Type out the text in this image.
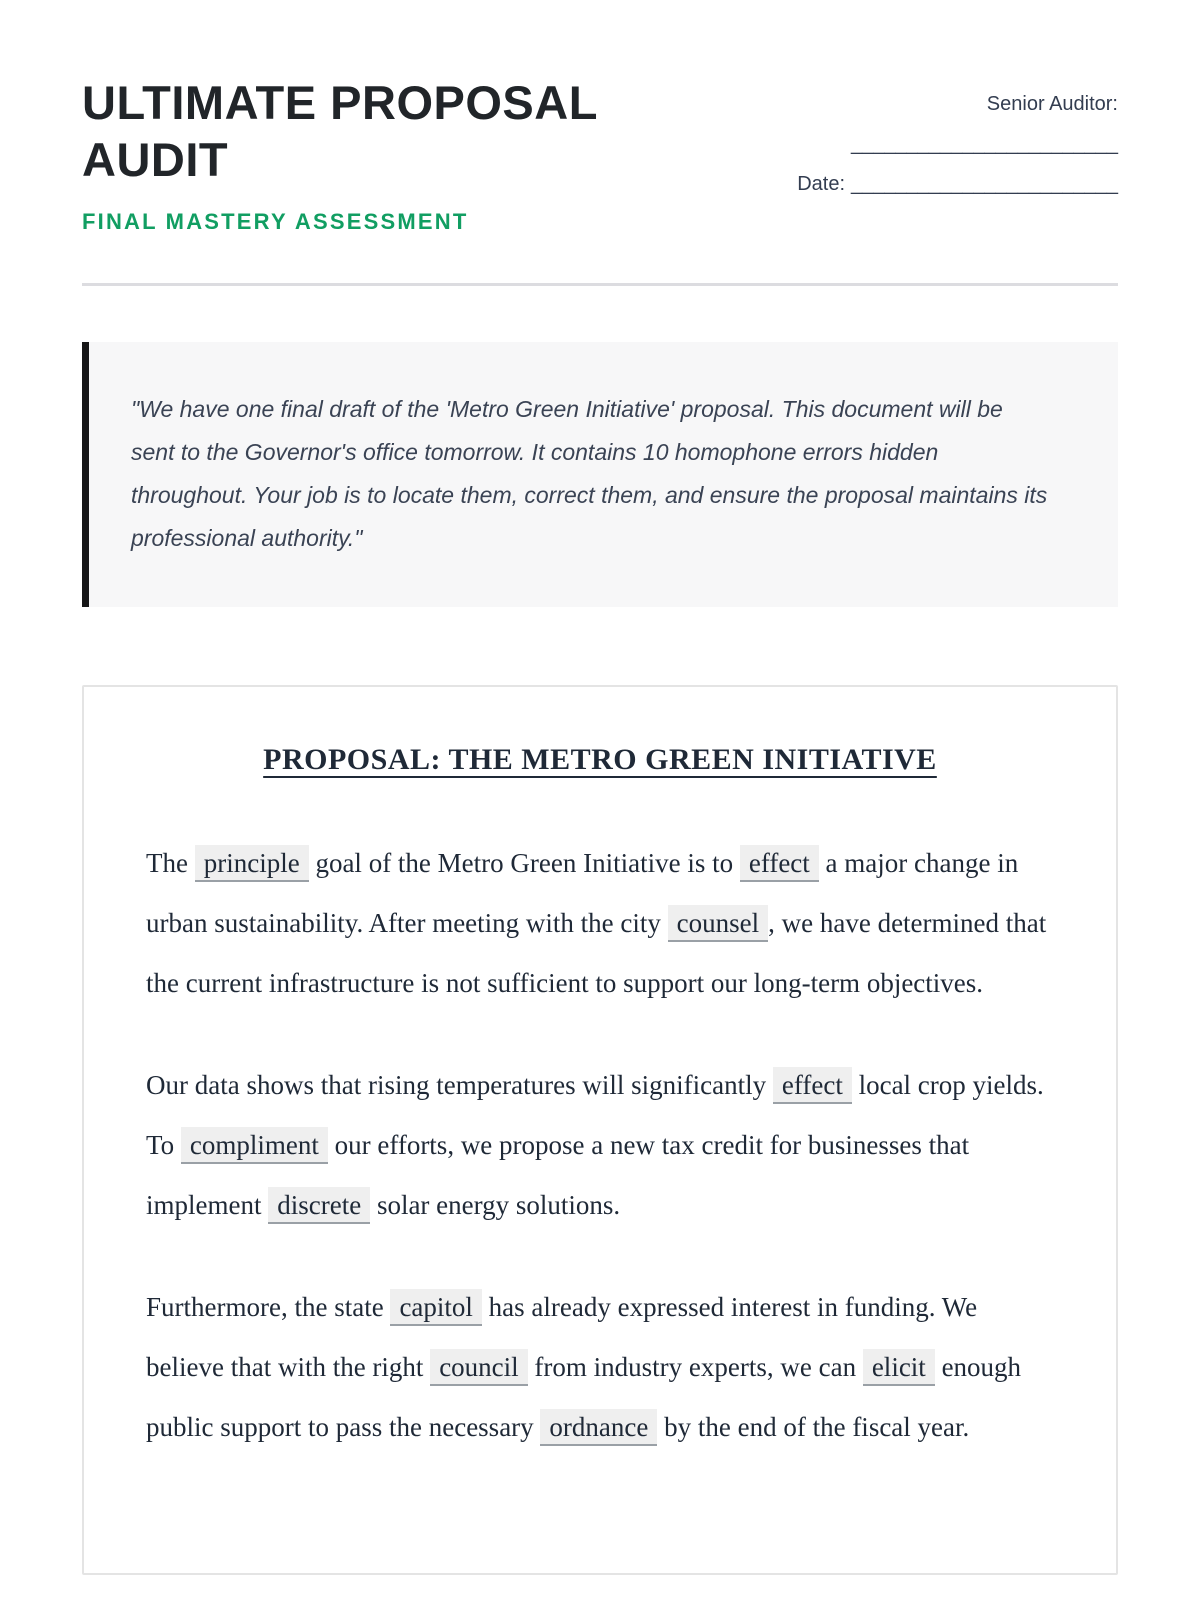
ULTIMATE PROPOSAL AUDIT
FINAL MASTERY ASSESSMENT
Senior Auditor:
________________________
Date: ________________________

"We have one final draft of the 'Metro Green Initiative' proposal. This document will be sent to the Governor's office tomorrow. It contains 10 homophone errors hidden throughout. Your job is to locate them, correct them, and ensure the proposal maintains its professional authority."

PROPOSAL: THE METRO GREEN INITIATIVE

The principle goal of the Metro Green Initiative is to effect a major change in urban sustainability. After meeting with the city counsel , we have determined that the current infrastructure is not sufficient to support our long-term objectives.

Our data shows that rising temperatures will significantly effect local crop yields. To compliment our efforts, we propose a new tax credit for businesses that implement discrete solar energy solutions.

Furthermore, the state capitol has already expressed interest in funding. We believe that with the right council from industry experts, we can elicit enough public support to pass the necessary ordnance by the end of the fiscal year.
